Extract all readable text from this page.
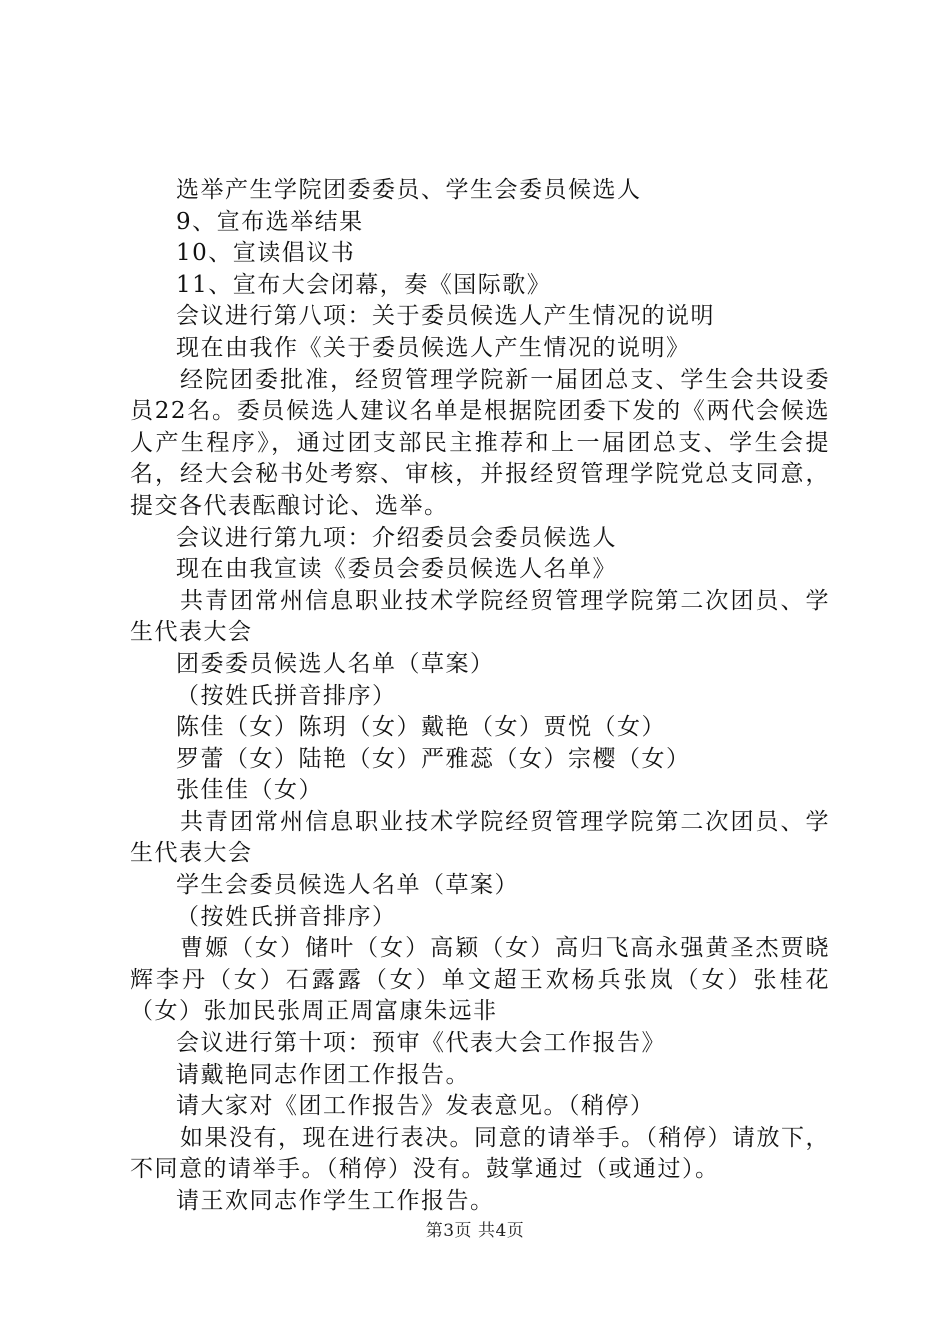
选举产生学院团委委员、学生会委员候选人

9、宣布选举结果

10、宣读倡议书

11、宣布大会闭幕，奏《国际歌》

会议进行第八项：关于委员候选人产生情况的说明

现在由我作《关于委员候选人产生情况的说明》

经院团委批准，经贸管理学院新一届团总支、学生会共设委员22名。委员候选人建议名单是根据院团委下发的《两代会候选人产生程序》，通过团支部民主推荐和上一届团总支、学生会提名，经大会秘书处考察、审核，并报经贸管理学院党总支同意，提交各代表酝酿讨论、选举。

会议进行第九项：介绍委员会委员候选人

现在由我宣读《委员会委员候选人名单》

共青团常州信息职业技术学院经贸管理学院第二次团员、学生代表大会

团委委员候选人名单（草案）

（按姓氏拼音排序）

陈佳（女）陈玥（女）戴艳（女）贾悦（女）

罗蕾（女）陆艳（女）严雅蕊（女）宗樱（女）

张佳佳（女）

共青团常州信息职业技术学院经贸管理学院第二次团员、学生代表大会

学生会委员候选人名单（草案）

（按姓氏拼音排序）

曹嫄（女）储叶（女）高颖（女）高归飞高永强黄圣杰贾晓辉李丹（女）石露露（女）单文超王欢杨兵张岚（女）张桂花（女）张加民张周正周富康朱远非

会议进行第十项：预审《代表大会工作报告》

请戴艳同志作团工作报告。

请大家对《团工作报告》发表意见。（稍停）

如果没有，现在进行表决。同意的请举手。（稍停）请放下，不同意的请举手。（稍停）没有。鼓掌通过（或通过）。

请王欢同志作学生工作报告。

第3页 共4页
